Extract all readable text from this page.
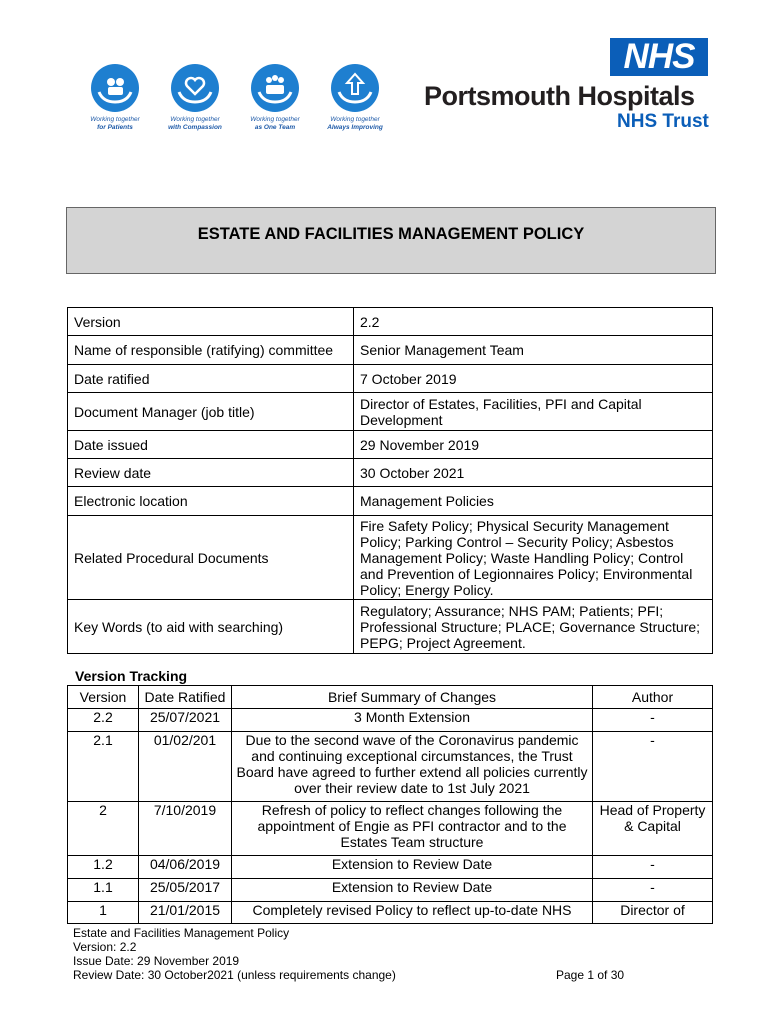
Working together
for Patients
Working together
with Compassion
Working together
as One Team
Working together
Always Improving
NHS
Portsmouth Hospitals
NHS Trust
ESTATE AND FACILITIES MANAGEMENT POLICY
Version	2.2
Name of responsible (ratifying) committee	Senior Management Team
Date ratified	7 October 2019
Document Manager (job title)	Director of Estates, Facilities, PFI and Capital Development
Date issued	29 November 2019
Review date	30 October 2021
Electronic location	Management Policies
Related Procedural Documents	Fire Safety Policy; Physical Security Management Policy; Parking Control – Security Policy; Asbestos Management Policy; Waste Handling Policy; Control and Prevention of Legionnaires Policy; Environmental Policy; Energy Policy.
Key Words (to aid with searching)	Regulatory; Assurance; NHS PAM; Patients; PFI; Professional Structure; PLACE; Governance Structure; PEPG; Project Agreement.
Version Tracking
Version	Date Ratified	Brief Summary of Changes	Author
2.2	25/07/2021	3 Month Extension	-
2.1	01/02/201	Due to the second wave of the Coronavirus pandemic and continuing exceptional circumstances, the Trust Board have agreed to further extend all policies currently over their review date to 1st July 2021	-
2	7/10/2019	Refresh of policy to reflect changes following the appointment of Engie as PFI contractor and to the Estates Team structure	Head of Property & Capital
1.2	04/06/2019	Extension to Review Date	-
1.1	25/05/2017	Extension to Review Date	-
1	21/01/2015	Completely revised Policy to reflect up-to-date NHS	Director of
Estate and Facilities Management Policy
Version: 2.2
Issue Date: 29 November 2019
Review Date: 30 October2021 (unless requirements change)	Page 1 of 30
